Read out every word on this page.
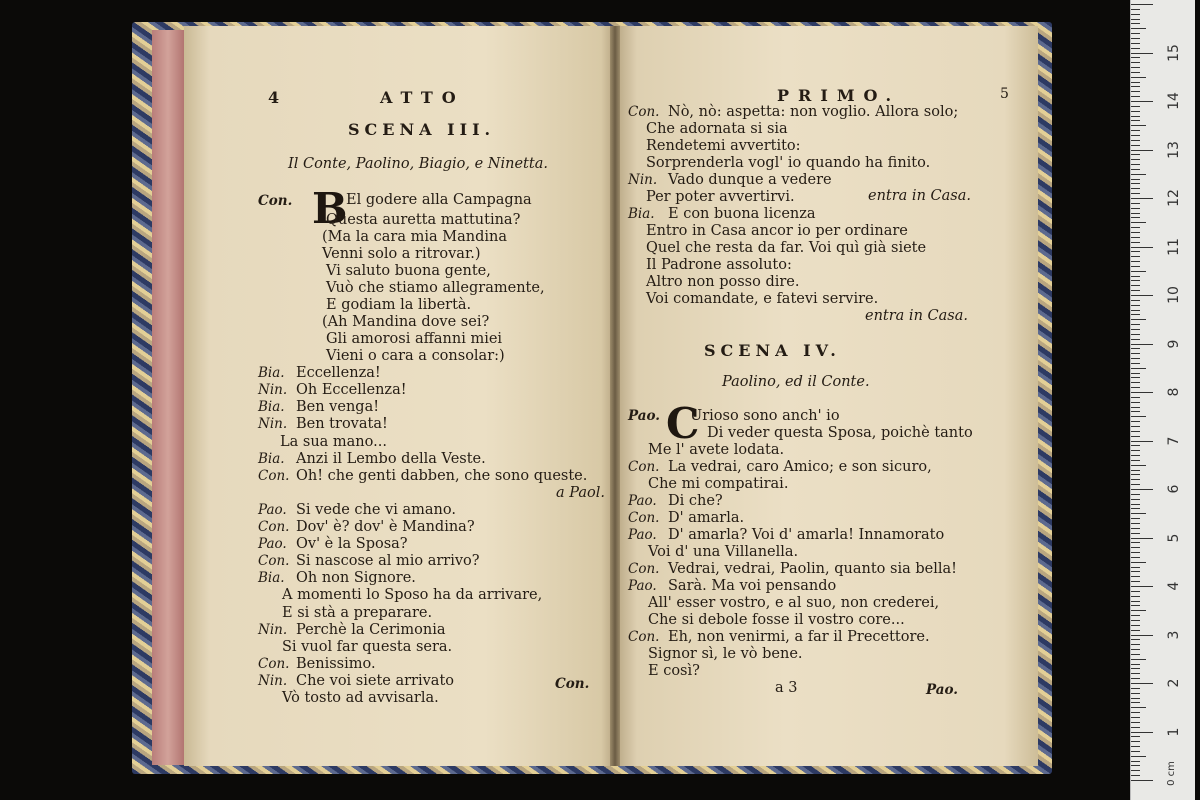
4	ATTO
SCENA III.
Il Conte, Paolino, Biagio, e Ninetta.
Con. B
El godere alla Campagna
Questa auretta mattutina?
(Ma la cara mia Mandina
Venni solo a ritrovar.)
Vi saluto buona gente,
Vuò che stiamo allegramente,
E godiam la libertà.
(Ah Mandina dove sei?
Gli amorosi affanni miei
Vieni o cara a consolar:)
Bia. Eccellenza!
Nin. Oh Eccellenza!
Bia. Ben venga!
Nin. Ben trovata!
La sua mano...
Bia. Anzi il Lembo della Veste.
Con. Oh! che genti dabben, che sono queste.
a Paol.
Pao. Si vede che vi amano.
Con. Dov' è? dov' è Mandina?
Pao. Ov' è la Sposa?
Con. Si nascose al mio arrivo?
Bia. Oh non Signore.
A momenti lo Sposo ha da arrivare,
E si stà a preparare.
Nin. Perchè la Cerimonia
Si vuol far questa sera.
Con. Benissimo.
Nin. Che voi siete arrivato
Vò tosto ad avvisarla.
Con.
PRIMO.	5
Con. Nò, nò: aspetta: non voglio. Allora solo;
Che adornata si sia
Rendetemi avvertito:
Sorprenderla vogl' io quando ha finito.
Nin. Vado dunque a vedere
Per poter avvertirvi.
Bia. E con buona licenza
Entro in Casa ancor io per ordinare
Quel che resta da far. Voi quì già siete
Il Padrone assoluto:
Altro non posso dire.
Voi comandate, e fatevi servire.
entra in Casa.
entra in Casa.
SCENA IV.
Paolino, ed il Conte.
Pao. C
Urioso sono anch' io
Di veder questa Sposa, poichè tanto
Me l' avete lodata.
Con. La vedrai, caro Amico; e son sicuro,
Che mi compatirai.
Pao. Di che?
Con. D' amarla.
Pao. D' amarla? Voi d' amarla! Innamorato
Voi d' una Villanella.
Con. Vedrai, vedrai, Paolin, quanto sia bella!
Pao. Sarà. Ma voi pensando
All' esser vostro, e al suo, non crederei,
Che si debole fosse il vostro core...
Con. Eh, non venirmi, a far il Precettore.
Signor sì, le vò bene.
E così?
a 3	Pao.
0 cm
15
14
13
12
11
10
9
8
7
6
5
4
3
2
1
